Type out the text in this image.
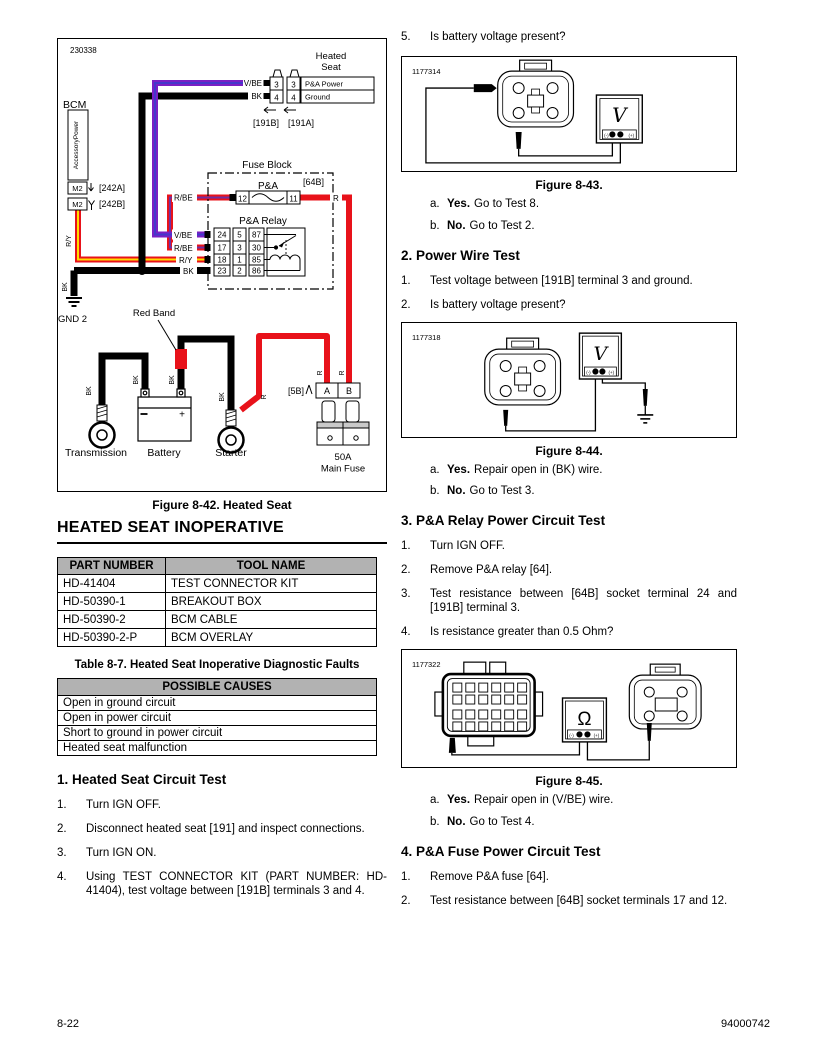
230338
Heated
Seat
V/BE
BK
3
4
3
4
P&A Power
Ground
[191B] [191A]
BCM
AccessoryPower
M2
M2
[242A]
[242B]
R/Y
Fuse Block
[64B]
P&A
12	11
P&A Relay
24 5 87
17 3 30
18 1 85
23 2 86
R/BE
V/BE
R/BE
R/Y
BK
R
BK
GND 2
Red Band
BK
BK	BK
BK	R
R R
[5B] A B
50A
Main Fuse
+
Transmission Battery	Starter
Figure 8-42. Heated Seat
HEATED SEAT INOPERATIVE
PART NUMBER	TOOL NAME
HD-41404	TEST CONNECTOR KIT
HD-50390-1	BREAKOUT BOX
HD-50390-2	BCM CABLE
HD-50390-2-P	BCM OVERLAY
Table 8-7. Heated Seat Inoperative Diagnostic Faults
POSSIBLE CAUSES
Open in ground circuit
Open in power circuit
Short to ground in power circuit
Heated seat malfunction
1. Heated Seat Circuit Test
1.	Turn IGN OFF.
2.	Disconnect heated seat [191] and inspect connections.
3.	Turn IGN ON.
4.	Using TEST CONNECTOR KIT (PART NUMBER: HD-41404), test voltage between [191B] terminals 3 and 4.
5.	Is battery voltage present?
1177314
V
(-)	(+)
Figure 8-43.
a. Yes. Go to Test 8.
b. No. Go to Test 2.
2. Power Wire Test
1.	Test voltage between [191B] terminal 3 and ground.
2.	Is battery voltage present?
1177318
V
(-)	(+)
Figure 8-44.
a. Yes. Repair open in (BK) wire.
b. No. Go to Test 3.
3. P&A Relay Power Circuit Test
1.	Turn IGN OFF.
2.	Remove P&A relay [64].
3.	Test resistance between [64B] socket terminal 24 and [191B] terminal 3.
4.	Is resistance greater than 0.5 Ohm?
1177322
Ω
(-)	(+)
Figure 8-45.
a. Yes. Repair open in (V/BE) wire.
b. No. Go to Test 4.
4. P&A Fuse Power Circuit Test
1.	Remove P&A fuse [64].
2.	Test resistance between [64B] socket terminals 17 and 12.
8-22	94000742
